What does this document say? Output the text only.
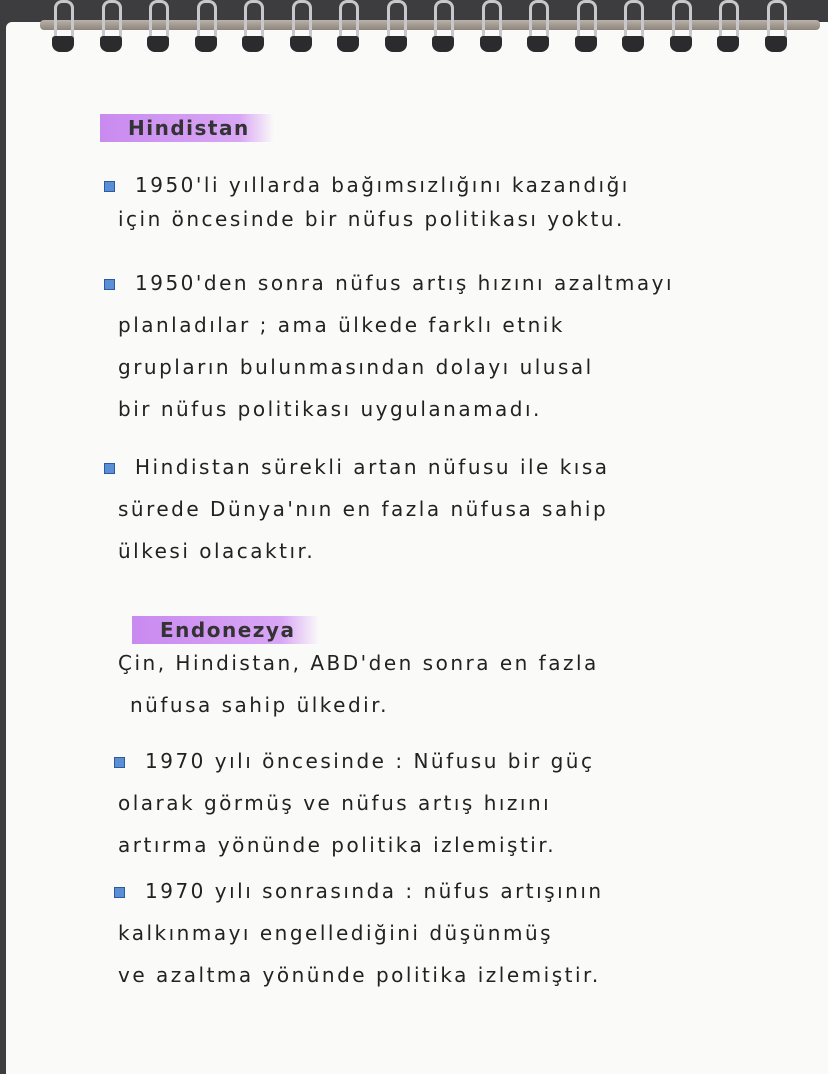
Hindistan
1950'li yıllarda bağımsızlığını kazandığı
için öncesinde bir nüfus politikası yoktu.
1950'den sonra nüfus artış hızını azaltmayı
planladılar ; ama ülkede farklı etnik
grupların bulunmasından dolayı ulusal
bir nüfus politikası uygulanamadı.
Hindistan sürekli artan nüfusu ile kısa
sürede Dünya'nın en fazla nüfusa sahip
ülkesi olacaktır.
Endonezya
Çin, Hindistan, ABD'den sonra en fazla
nüfusa sahip ülkedir.
1970 yılı öncesinde : Nüfusu bir güç
olarak görmüş ve nüfus artış hızını
artırma yönünde politika izlemiştir.
1970 yılı sonrasında : nüfus artışının
kalkınmayı engellediğini düşünmüş
ve azaltma yönünde politika izlemiştir.
